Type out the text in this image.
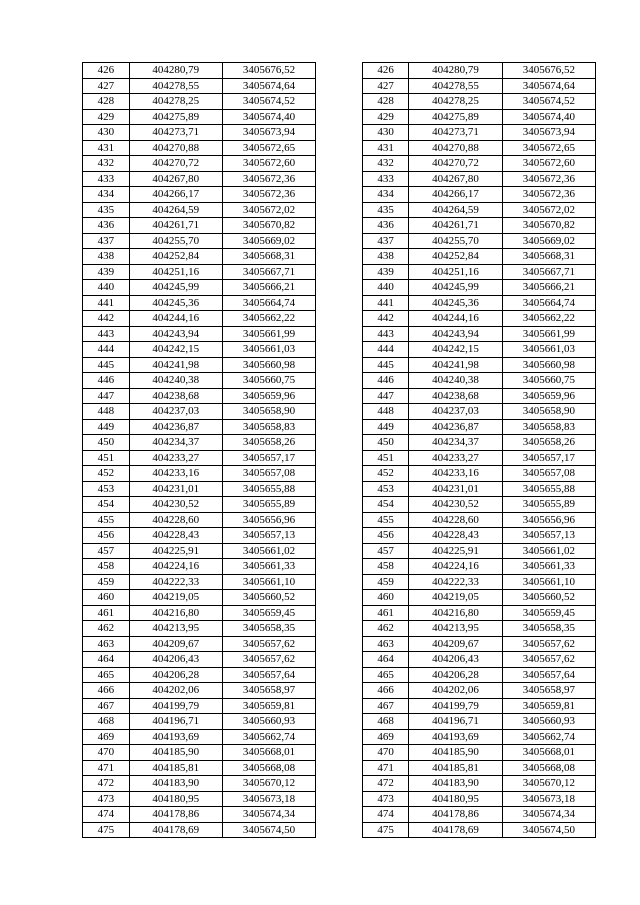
426	404280,79	3405676,52		426	404280,79	3405676,52
427	404278,55	3405674,64		427	404278,55	3405674,64
428	404278,25	3405674,52		428	404278,25	3405674,52
429	404275,89	3405674,40		429	404275,89	3405674,40
430	404273,71	3405673,94		430	404273,71	3405673,94
431	404270,88	3405672,65		431	404270,88	3405672,65
432	404270,72	3405672,60		432	404270,72	3405672,60
433	404267,80	3405672,36		433	404267,80	3405672,36
434	404266,17	3405672,36		434	404266,17	3405672,36
435	404264,59	3405672,02		435	404264,59	3405672,02
436	404261,71	3405670,82		436	404261,71	3405670,82
437	404255,70	3405669,02		437	404255,70	3405669,02
438	404252,84	3405668,31		438	404252,84	3405668,31
439	404251,16	3405667,71		439	404251,16	3405667,71
440	404245,99	3405666,21		440	404245,99	3405666,21
441	404245,36	3405664,74		441	404245,36	3405664,74
442	404244,16	3405662,22		442	404244,16	3405662,22
443	404243,94	3405661,99		443	404243,94	3405661,99
444	404242,15	3405661,03		444	404242,15	3405661,03
445	404241,98	3405660,98		445	404241,98	3405660,98
446	404240,38	3405660,75		446	404240,38	3405660,75
447	404238,68	3405659,96		447	404238,68	3405659,96
448	404237,03	3405658,90		448	404237,03	3405658,90
449	404236,87	3405658,83		449	404236,87	3405658,83
450	404234,37	3405658,26		450	404234,37	3405658,26
451	404233,27	3405657,17		451	404233,27	3405657,17
452	404233,16	3405657,08		452	404233,16	3405657,08
453	404231,01	3405655,88		453	404231,01	3405655,88
454	404230,52	3405655,89		454	404230,52	3405655,89
455	404228,60	3405656,96		455	404228,60	3405656,96
456	404228,43	3405657,13		456	404228,43	3405657,13
457	404225,91	3405661,02		457	404225,91	3405661,02
458	404224,16	3405661,33		458	404224,16	3405661,33
459	404222,33	3405661,10		459	404222,33	3405661,10
460	404219,05	3405660,52		460	404219,05	3405660,52
461	404216,80	3405659,45		461	404216,80	3405659,45
462	404213,95	3405658,35		462	404213,95	3405658,35
463	404209,67	3405657,62		463	404209,67	3405657,62
464	404206,43	3405657,62		464	404206,43	3405657,62
465	404206,28	3405657,64		465	404206,28	3405657,64
466	404202,06	3405658,97		466	404202,06	3405658,97
467	404199,79	3405659,81		467	404199,79	3405659,81
468	404196,71	3405660,93		468	404196,71	3405660,93
469	404193,69	3405662,74		469	404193,69	3405662,74
470	404185,90	3405668,01		470	404185,90	3405668,01
471	404185,81	3405668,08		471	404185,81	3405668,08
472	404183,90	3405670,12		472	404183,90	3405670,12
473	404180,95	3405673,18		473	404180,95	3405673,18
474	404178,86	3405674,34		474	404178,86	3405674,34
475	404178,69	3405674,50		475	404178,69	3405674,50
